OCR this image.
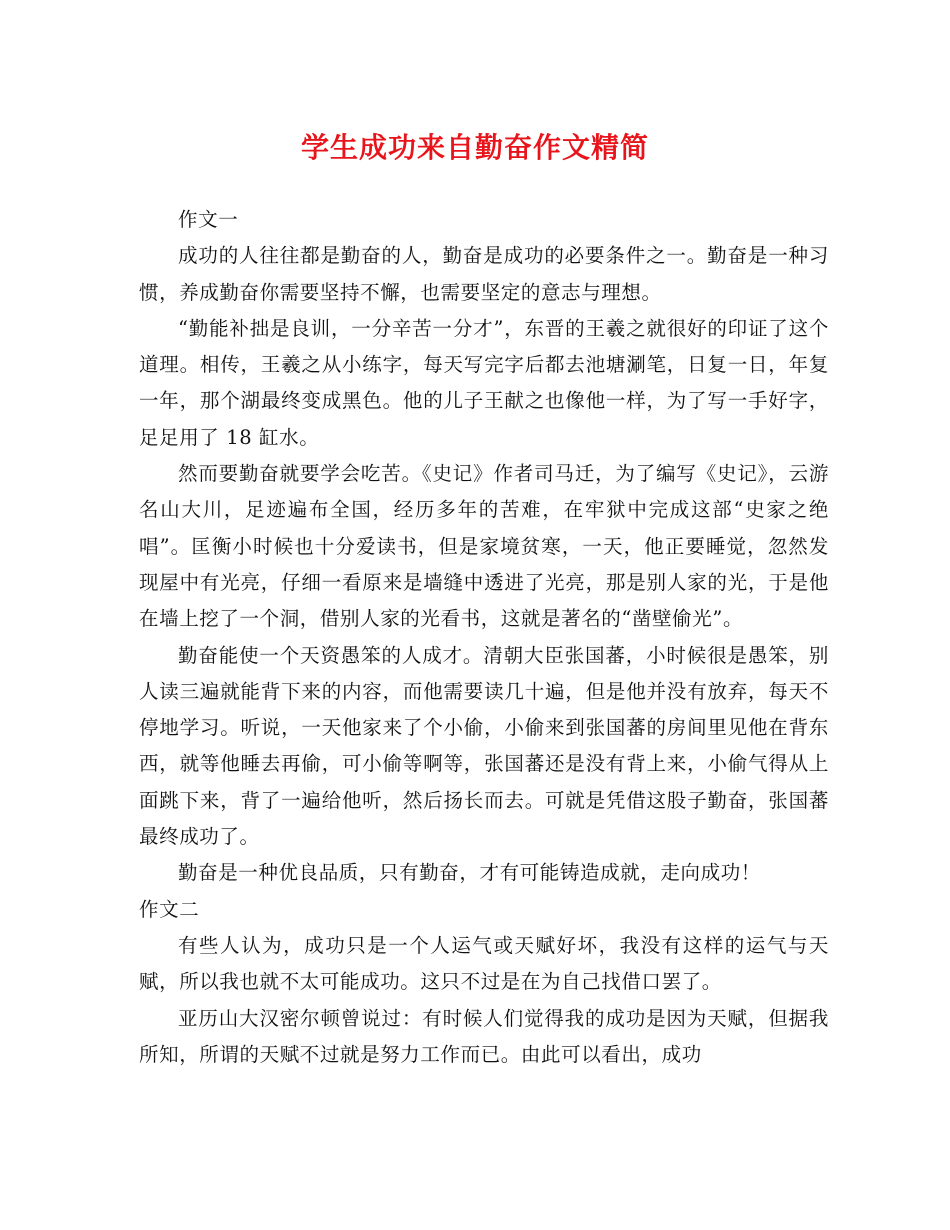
学生成功来自勤奋作文精简

作文一

成功的人往往都是勤奋的人，勤奋是成功的必要条件之一。勤奋是一种习惯，养成勤奋你需要坚持不懈，也需要坚定的意志与理想。

“勤能补拙是良训，一分辛苦一分才”，东晋的王羲之就很好的印证了这个道理。相传，王羲之从小练字，每天写完字后都去池塘涮笔，日复一日，年复一年，那个湖最终变成黑色。他的儿子王献之也像他一样，为了写一手好字，足足用了 18 缸水。

然而要勤奋就要学会吃苦。《史记》作者司马迁，为了编写《史记》，云游名山大川，足迹遍布全国，经历多年的苦难，在牢狱中完成这部“史家之绝唱”。匡衡小时候也十分爱读书，但是家境贫寒，一天，他正要睡觉，忽然发现屋中有光亮，仔细一看原来是墙缝中透进了光亮，那是别人家的光，于是他在墙上挖了一个洞，借别人家的光看书，这就是著名的“凿壁偷光”。

勤奋能使一个天资愚笨的人成才。清朝大臣张国蕃，小时候很是愚笨，别人读三遍就能背下来的内容，而他需要读几十遍，但是他并没有放弃，每天不停地学习。听说，一天他家来了个小偷，小偷来到张国蕃的房间里见他在背东西，就等他睡去再偷，可小偷等啊等，张国蕃还是没有背上来，小偷气得从上面跳下来，背了一遍给他听，然后扬长而去。可就是凭借这股子勤奋，张国蕃最终成功了。

勤奋是一种优良品质，只有勤奋，才有可能铸造成就，走向成功！

作文二

有些人认为，成功只是一个人运气或天赋好坏，我没有这样的运气与天赋，所以我也就不太可能成功。这只不过是在为自己找借口罢了。

亚历山大汉密尔顿曾说过：有时候人们觉得我的成功是因为天赋，但据我所知，所谓的天赋不过就是努力工作而已。由此可以看出，成功
